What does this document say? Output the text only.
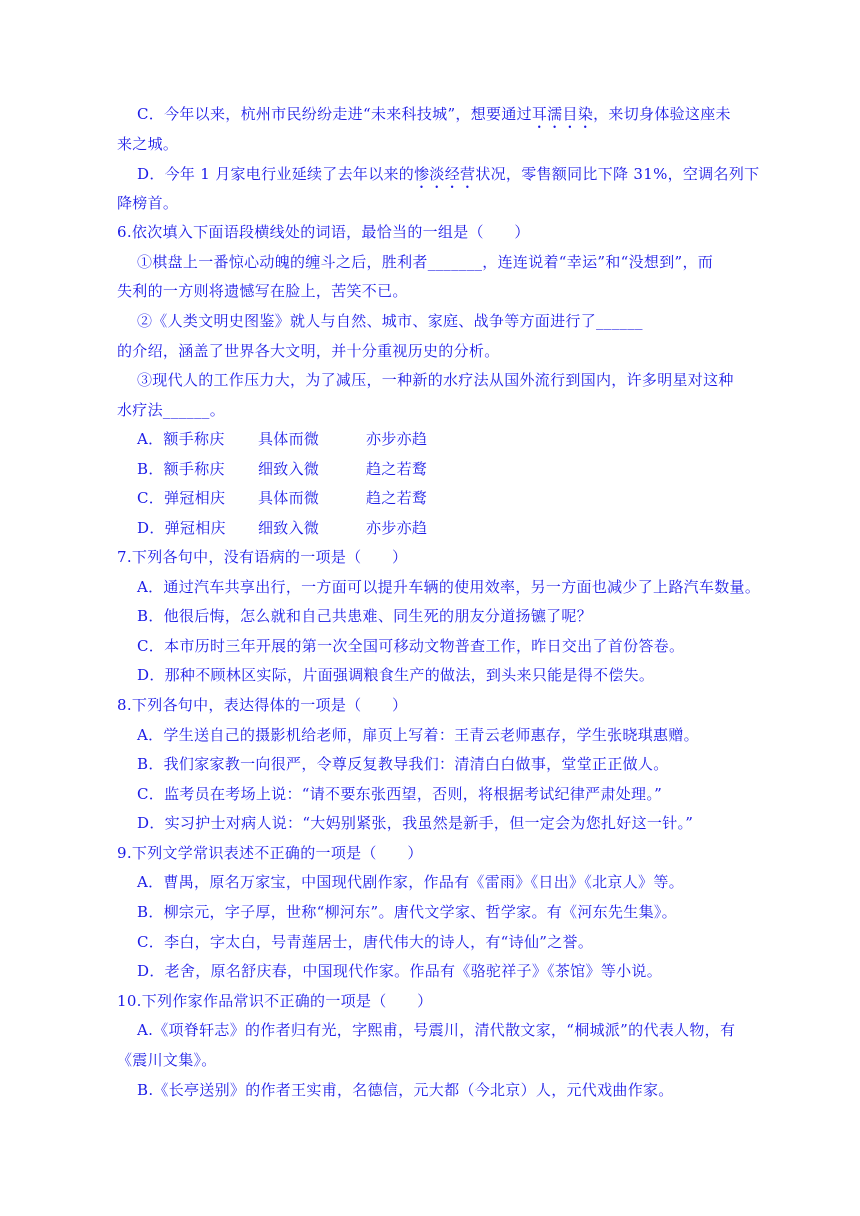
C．今年以来，杭州市民纷纷走进“未来科技城”，想要通过耳濡目染，来切身体验这座未
来之城。
D．今年 1 月家电行业延续了去年以来的惨淡经营状况，零售额同比下降 31%，空调名列下
降榜首。
6.依次填入下面语段横线处的词语，最恰当的一组是（　　）
①棋盘上一番惊心动魄的缠斗之后，胜利者_______，连连说着“幸运”和“没想到”，而
失利的一方则将遗憾写在脸上，苦笑不已。
②《人类文明史图鉴》就人与自然、城市、家庭、战争等方面进行了______
的介绍，涵盖了世界各大文明，并十分重视历史的分析。
③现代人的工作压力大，为了减压，一种新的水疗法从国外流行到国内，许多明星对这种
水疗法______。
A．额手称庆 具体而微	亦步亦趋
B．额手称庆 细致入微	趋之若鹜
C．弹冠相庆 具体而微	趋之若鹜
D．弹冠相庆 细致入微	亦步亦趋
7.下列各句中，没有语病的一项是（　　）
A．通过汽车共享出行，一方面可以提升车辆的使用效率，另一方面也减少了上路汽车数量。
B．他很后悔，怎么就和自己共患难、同生死的朋友分道扬镳了呢？
C．本市历时三年开展的第一次全国可移动文物普查工作，昨日交出了首份答卷。
D．那种不顾林区实际，片面强调粮食生产的做法，到头来只能是得不偿失。
8.下列各句中，表达得体的一项是（　　）
A．学生送自己的摄影机给老师，扉页上写着：王青云老师惠存，学生张晓琪惠赠。
B．我们家家教一向很严，令尊反复教导我们：清清白白做事，堂堂正正做人。
C．监考员在考场上说：“请不要东张西望，否则，将根据考试纪律严肃处理。”
D．实习护士对病人说：“大妈别紧张，我虽然是新手，但一定会为您扎好这一针。”
9.下列文学常识表述不正确的一项是（　　）
A．曹禺，原名万家宝，中国现代剧作家，作品有《雷雨》《日出》《北京人》等。
B．柳宗元，字子厚，世称“柳河东”。唐代文学家、哲学家。有《河东先生集》。
C．李白，字太白，号青莲居士，唐代伟大的诗人，有“诗仙”之誉。
D．老舍，原名舒庆春，中国现代作家。作品有《骆驼祥子》《茶馆》等小说。
10.下列作家作品常识不正确的一项是（　　）
A.《项脊轩志》的作者归有光，字熙甫，号震川，清代散文家，“桐城派”的代表人物，有
《震川文集》。
B.《长亭送别》的作者王实甫，名德信，元大都（今北京）人，元代戏曲作家。
